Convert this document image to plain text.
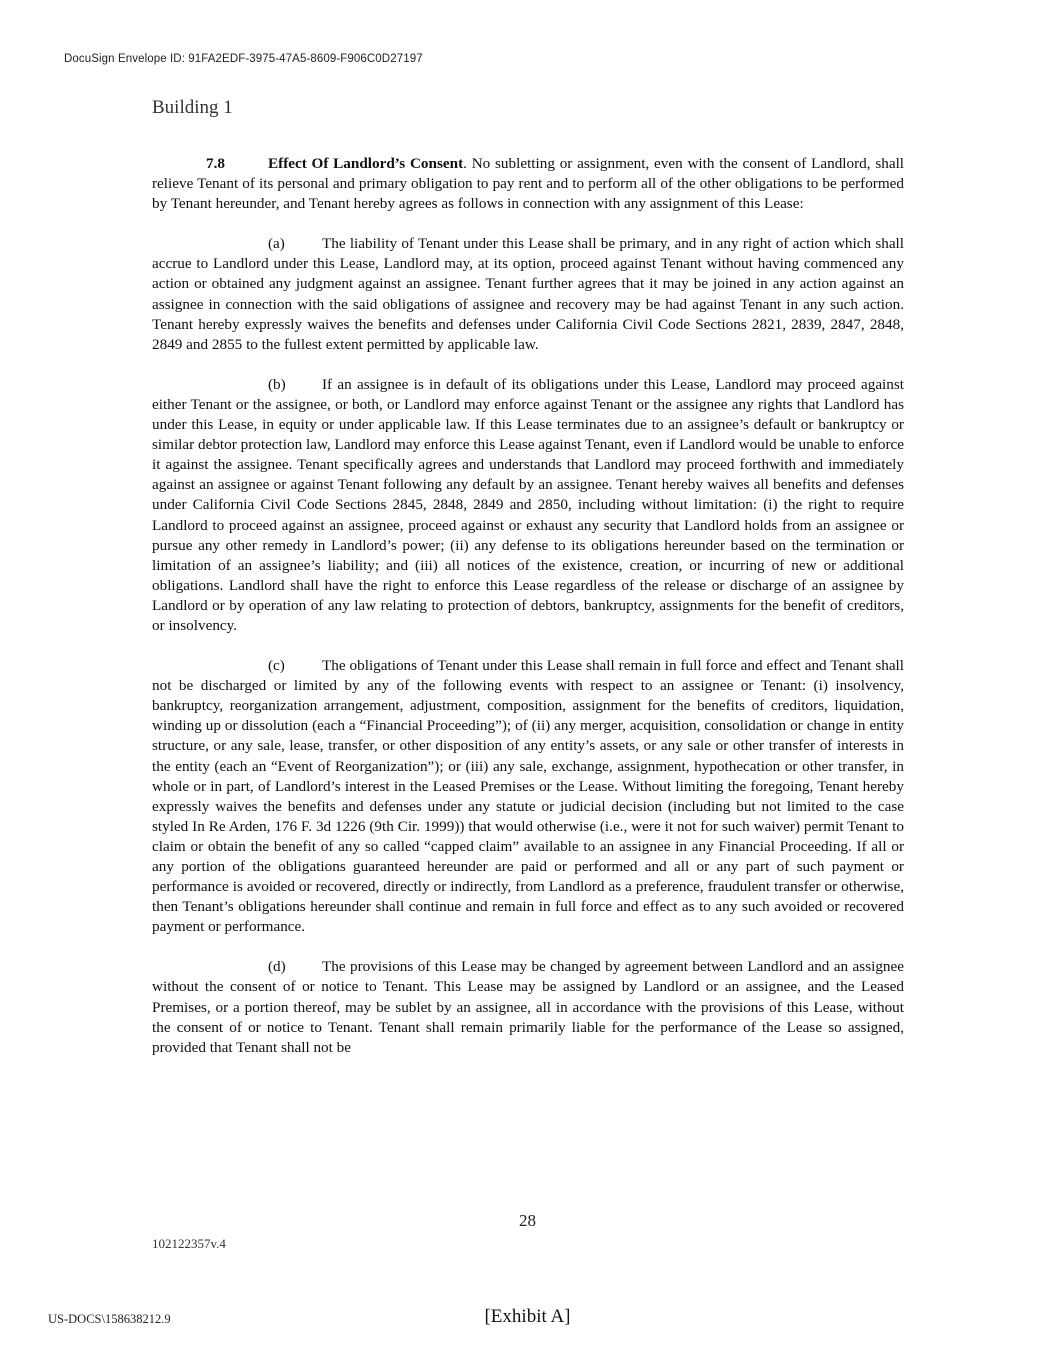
DocuSign Envelope ID: 91FA2EDF-3975-47A5-8609-F906C0D27197
Building 1

7.8	Effect Of Landlord’s Consent. No subletting or assignment, even with the consent of Landlord, shall relieve Tenant of its personal and primary obligation to pay rent and to perform all of the other obligations to be performed by Tenant hereunder, and Tenant hereby agrees as follows in connection with any assignment of this Lease:

(a) The liability of Tenant under this Lease shall be primary, and in any right of action which shall accrue to Landlord under this Lease, Landlord may, at its option, proceed against Tenant without having commenced any action or obtained any judgment against an assignee. Tenant further agrees that it may be joined in any action against an assignee in connection with the said obligations of assignee and recovery may be had against Tenant in any such action. Tenant hereby expressly waives the benefits and defenses under California Civil Code Sections 2821, 2839, 2847, 2848, 2849 and 2855 to the fullest extent permitted by applicable law.

(b) If an assignee is in default of its obligations under this Lease, Landlord may proceed against either Tenant or the assignee, or both, or Landlord may enforce against Tenant or the assignee any rights that Landlord has under this Lease, in equity or under applicable law. If this Lease terminates due to an assignee’s default or bankruptcy or similar debtor protection law, Landlord may enforce this Lease against Tenant, even if Landlord would be unable to enforce it against the assignee. Tenant specifically agrees and understands that Landlord may proceed forthwith and immediately against an assignee or against Tenant following any default by an assignee. Tenant hereby waives all benefits and defenses under California Civil Code Sections 2845, 2848, 2849 and 2850, including without limitation: (i) the right to require Landlord to proceed against an assignee, proceed against or exhaust any security that Landlord holds from an assignee or pursue any other remedy in Landlord’s power; (ii) any defense to its obligations hereunder based on the termination or limitation of an assignee’s liability; and (iii) all notices of the existence, creation, or incurring of new or additional obligations. Landlord shall have the right to enforce this Lease regardless of the release or discharge of an assignee by Landlord or by operation of any law relating to protection of debtors, bankruptcy, assignments for the benefit of creditors, or insolvency.

(c) The obligations of Tenant under this Lease shall remain in full force and effect and Tenant shall not be discharged or limited by any of the following events with respect to an assignee or Tenant: (i) insolvency, bankruptcy, reorganization arrangement, adjustment, composition, assignment for the benefits of creditors, liquidation, winding up or dissolution (each a “Financial Proceeding”); of (ii) any merger, acquisition, consolidation or change in entity structure, or any sale, lease, transfer, or other disposition of any entity’s assets, or any sale or other transfer of interests in the entity (each an “Event of Reorganization”); or (iii) any sale, exchange, assignment, hypothecation or other transfer, in whole or in part, of Landlord’s interest in the Leased Premises or the Lease. Without limiting the foregoing, Tenant hereby expressly waives the benefits and defenses under any statute or judicial decision (including but not limited to the case styled In Re Arden, 176 F. 3d 1226 (9th Cir. 1999)) that would otherwise (i.e., were it not for such waiver) permit Tenant to claim or obtain the benefit of any so called “capped claim” available to an assignee in any Financial Proceeding. If all or any portion of the obligations guaranteed hereunder are paid or performed and all or any part of such payment or performance is avoided or recovered, directly or indirectly, from Landlord as a preference, fraudulent transfer or otherwise, then Tenant’s obligations hereunder shall continue and remain in full force and effect as to any such avoided or recovered payment or performance.

(d) The provisions of this Lease may be changed by agreement between Landlord and an assignee without the consent of or notice to Tenant. This Lease may be assigned by Landlord or an assignee, and the Leased Premises, or a portion thereof, may be sublet by an assignee, all in accordance with the provisions of this Lease, without the consent of or notice to Tenant. Tenant shall remain primarily liable for the performance of the Lease so assigned, provided that Tenant shall not be

28
102122357v.4
US-DOCS\158638212.9	[Exhibit A]
